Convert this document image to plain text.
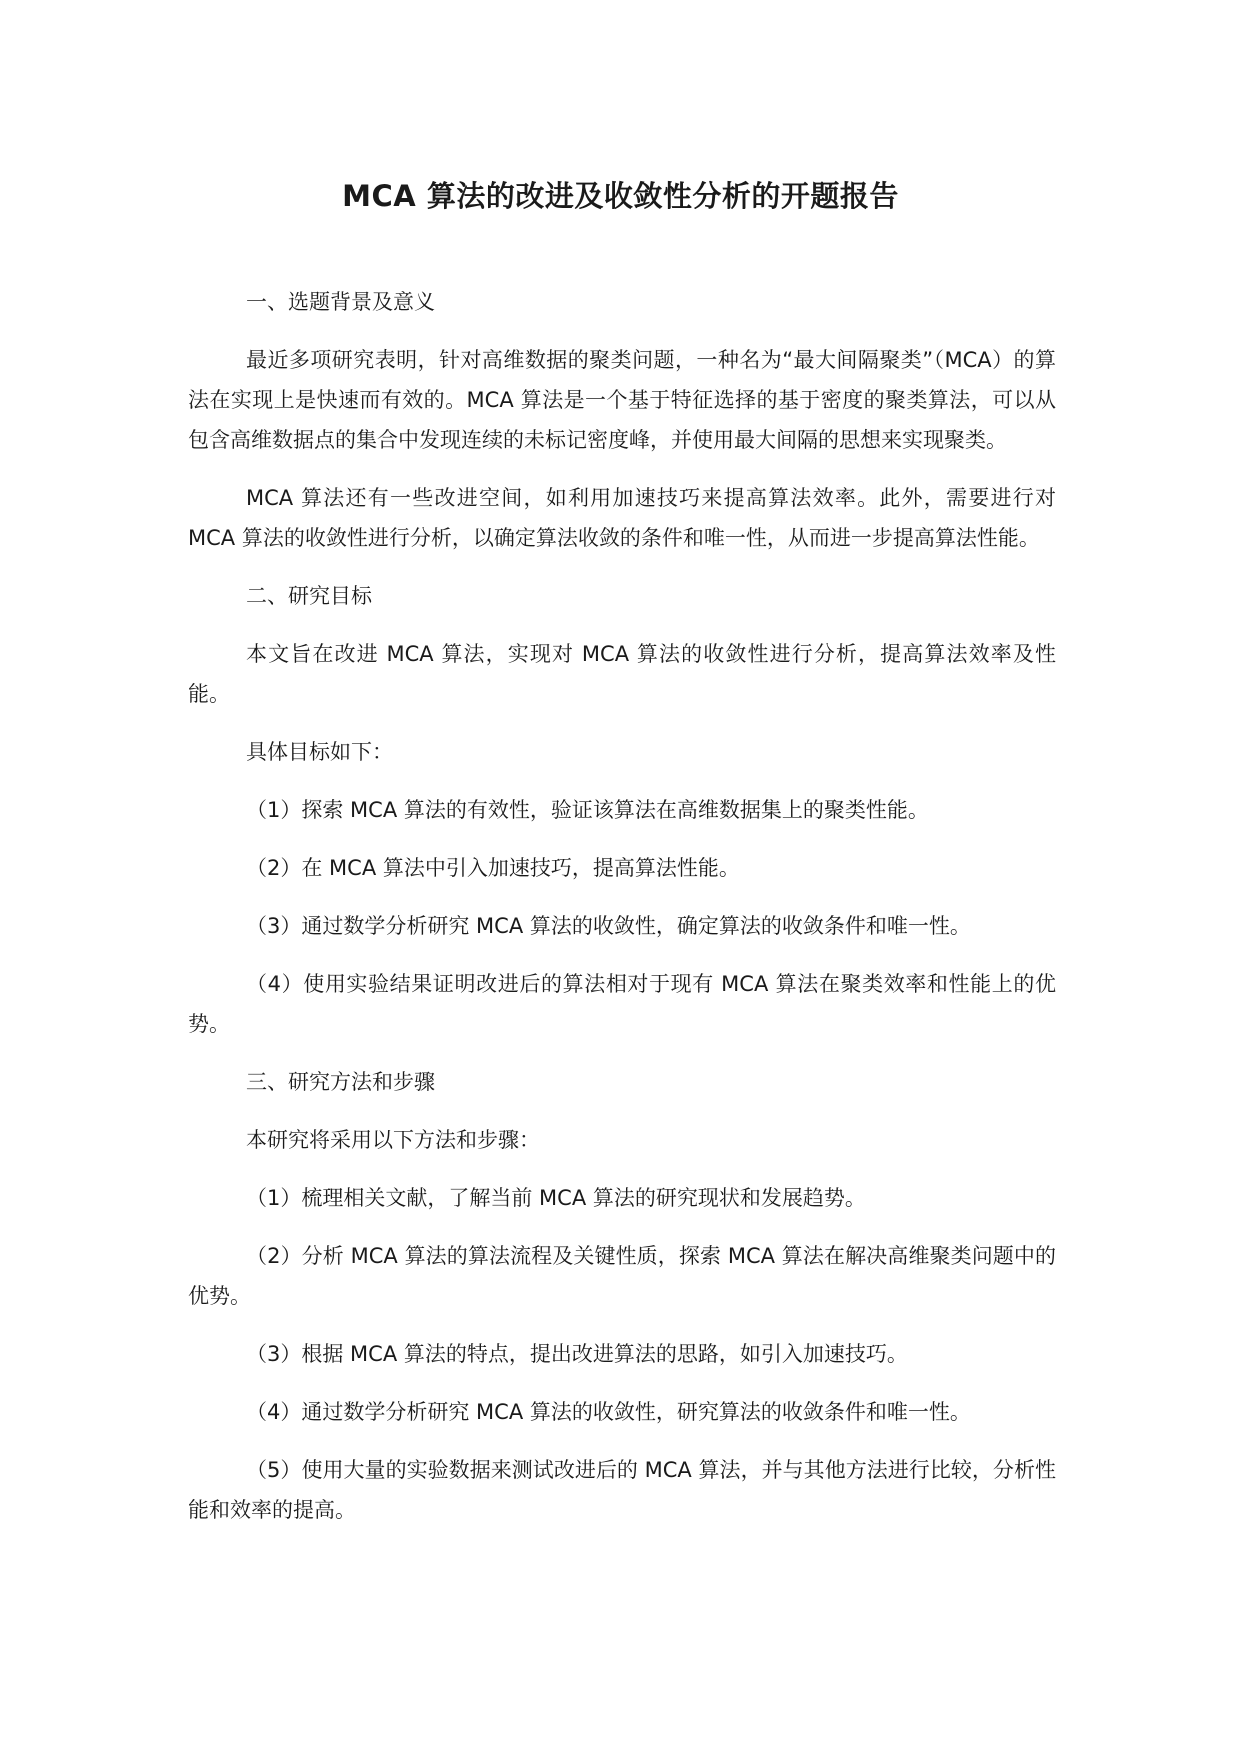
MCA 算法的改进及收敛性分析的开题报告
一、选题背景及意义
最近多项研究表明，针对高维数据的聚类问题，一种名为“最大间隔聚类”（MCA）的算法在实现上是快速而有效的。MCA 算法是一个基于特征选择的基于密度的聚类算法，可以从包含高维数据点的集合中发现连续的未标记密度峰，并使用最大间隔的思想来实现聚类。
MCA 算法还有一些改进空间，如利用加速技巧来提高算法效率。此外，需要进行对 MCA 算法的收敛性进行分析，以确定算法收敛的条件和唯一性，从而进一步提高算法性能。
二、研究目标
本文旨在改进 MCA 算法，实现对 MCA 算法的收敛性进行分析，提高算法效率及性能。
具体目标如下：
（1）探索 MCA 算法的有效性，验证该算法在高维数据集上的聚类性能。
（2）在 MCA 算法中引入加速技巧，提高算法性能。
（3）通过数学分析研究 MCA 算法的收敛性，确定算法的收敛条件和唯一性。
（4）使用实验结果证明改进后的算法相对于现有 MCA 算法在聚类效率和性能上的优势。
三、研究方法和步骤
本研究将采用以下方法和步骤：
（1）梳理相关文献，了解当前 MCA 算法的研究现状和发展趋势。
（2）分析 MCA 算法的算法流程及关键性质，探索 MCA 算法在解决高维聚类问题中的优势。
（3）根据 MCA 算法的特点，提出改进算法的思路，如引入加速技巧。
（4）通过数学分析研究 MCA 算法的收敛性，研究算法的收敛条件和唯一性。
（5）使用大量的实验数据来测试改进后的 MCA 算法，并与其他方法进行比较，分析性能和效率的提高。
